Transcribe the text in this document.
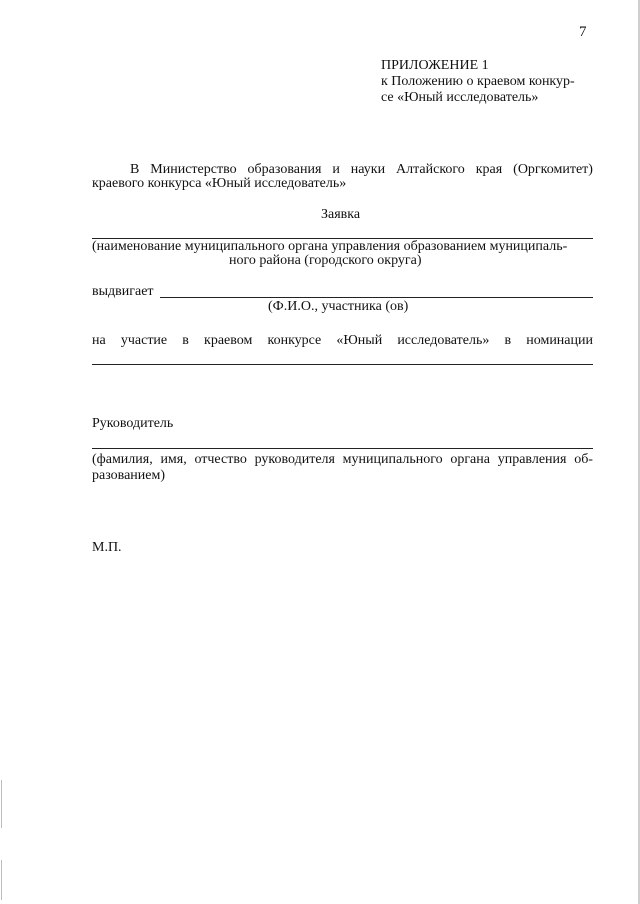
7
ПРИЛОЖЕНИЕ 1
к Положению о краевом конкур-
се «Юный исследователь»
В Министерство образования и науки Алтайского края (Оргкомитет)
краевого конкурса «Юный исследователь»
Заявка
(наименование муниципального органа управления образованием муниципаль-
ного района (городского округа)
выдвигает
(Ф.И.О., участника (ов)
на участие в краевом конкурсе «Юный исследователь» в номинации
Руководитель
(фамилия, имя, отчество руководителя муниципального органа управления об-
разованием)
М.П.
